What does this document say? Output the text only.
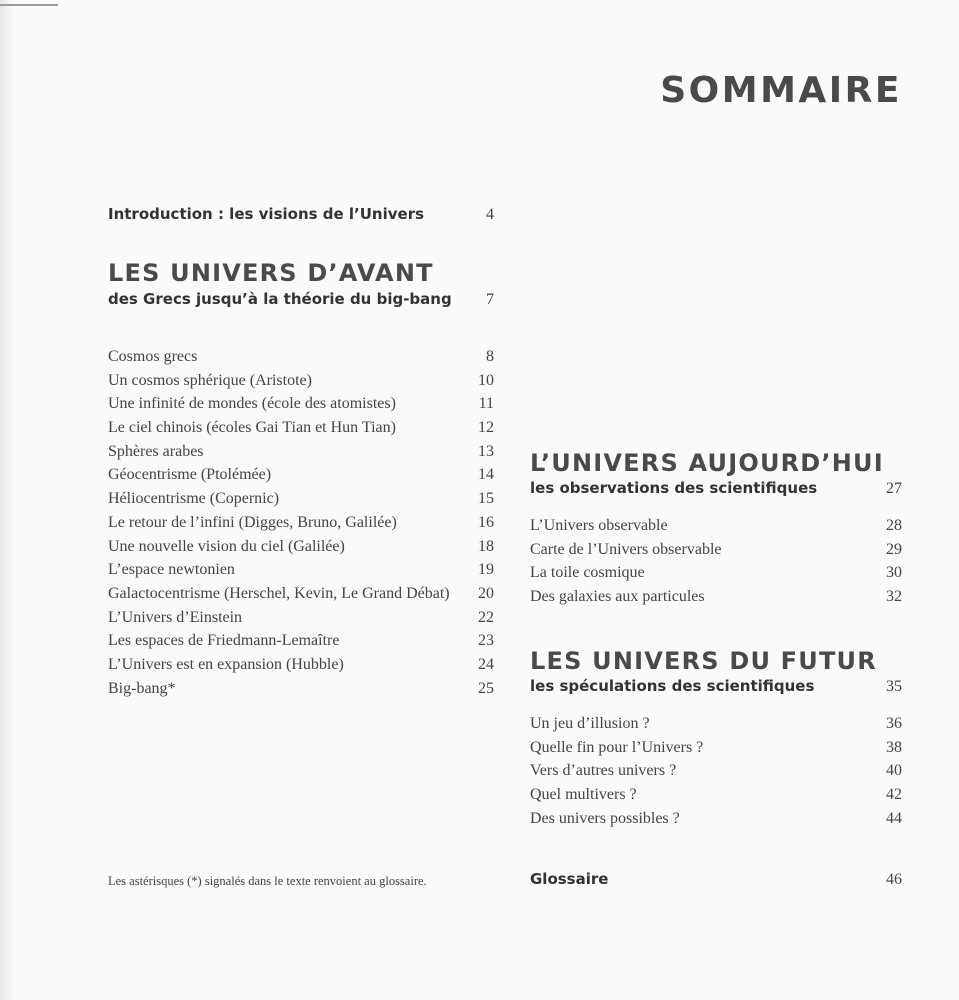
SOMMAIRE
Introduction : les visions de l’Univers	4
LES UNIVERS D’AVANT
des Grecs jusqu’à la théorie du big-bang 7
Cosmos grecs	8
Un cosmos sphérique (Aristote)	10
Une infinité de mondes (école des atomistes)	11
Le ciel chinois (écoles Gai Tian et Hun Tian)	12
Sphères arabes	13
Géocentrisme (Ptolémée)	14
Héliocentrisme (Copernic)	15
Le retour de l’infini (Digges, Bruno, Galilée)	16
Une nouvelle vision du ciel (Galilée)	18
L’espace newtonien	19
Galactocentrisme (Herschel, Kevin, Le Grand Débat) 20
L’Univers d’Einstein	22
Les espaces de Friedmann-Lemaître	23
L’Univers est en expansion (Hubble)	24
Big-bang*	25
L’UNIVERS AUJOURD’HUI
les observations des scientifiques	27
L’Univers observable	28
Carte de l’Univers observable	29
La toile cosmique	30
Des galaxies aux particules	32
LES UNIVERS DU FUTUR
les spéculations des scientifiques	35
Un jeu d’illusion ?	36
Quelle fin pour l’Univers ?	38
Vers d’autres univers ?	40
Quel multivers ?	42
Des univers possibles ?	44
Les astérisques (*) signalés dans le texte renvoient au glossaire.	Glossaire	46
